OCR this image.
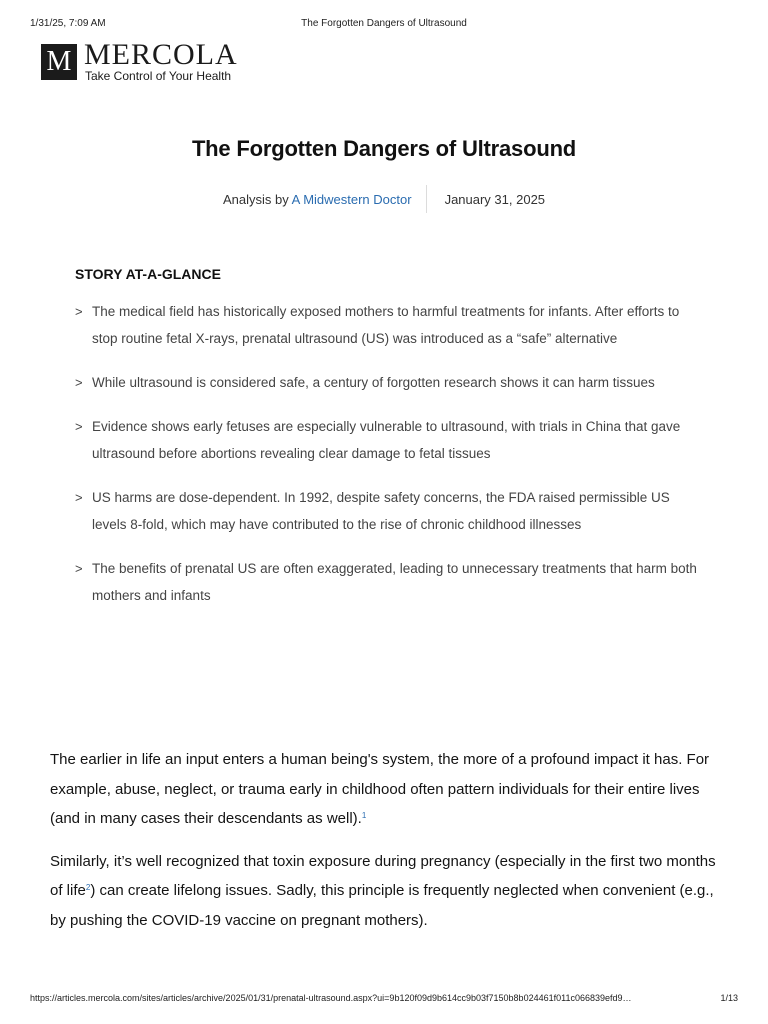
1/31/25, 7:09 AM	The Forgotten Dangers of Ultrasound
M MERCOLA
Take Control of Your Health
The Forgotten Dangers of Ultrasound
Analysis by A Midwestern Doctor	January 31, 2025
STORY AT-A-GLANCE
> The medical field has historically exposed mothers to harmful treatments for infants. After efforts to stop routine fetal X-rays, prenatal ultrasound (US) was introduced as a “safe” alternative
> While ultrasound is considered safe, a century of forgotten research shows it can harm tissues
> Evidence shows early fetuses are especially vulnerable to ultrasound, with trials in China that gave ultrasound before abortions revealing clear damage to fetal tissues
> US harms are dose-dependent. In 1992, despite safety concerns, the FDA raised permissible US levels 8-fold, which may have contributed to the rise of chronic childhood illnesses
> The benefits of prenatal US are often exaggerated, leading to unnecessary treatments that harm both mothers and infants

The earlier in life an input enters a human being's system, the more of a profound impact it has. For example, abuse, neglect, or trauma early in childhood often pattern individuals for their entire lives (and in many cases their descendants as well).$^1$

Similarly, it’s well recognized that toxin exposure during pregnancy (especially in the first two months of life$^2$) can create lifelong issues. Sadly, this principle is frequently neglected when convenient (e.g., by pushing the COVID-19 vaccine on pregnant mothers).

https://articles.mercola.com/sites/articles/archive/2025/01/31/prenatal-ultrasound.aspx?ui=9b120f09d9b614cc9b03f7150b8b024461f011c066839efd9…	1/13
